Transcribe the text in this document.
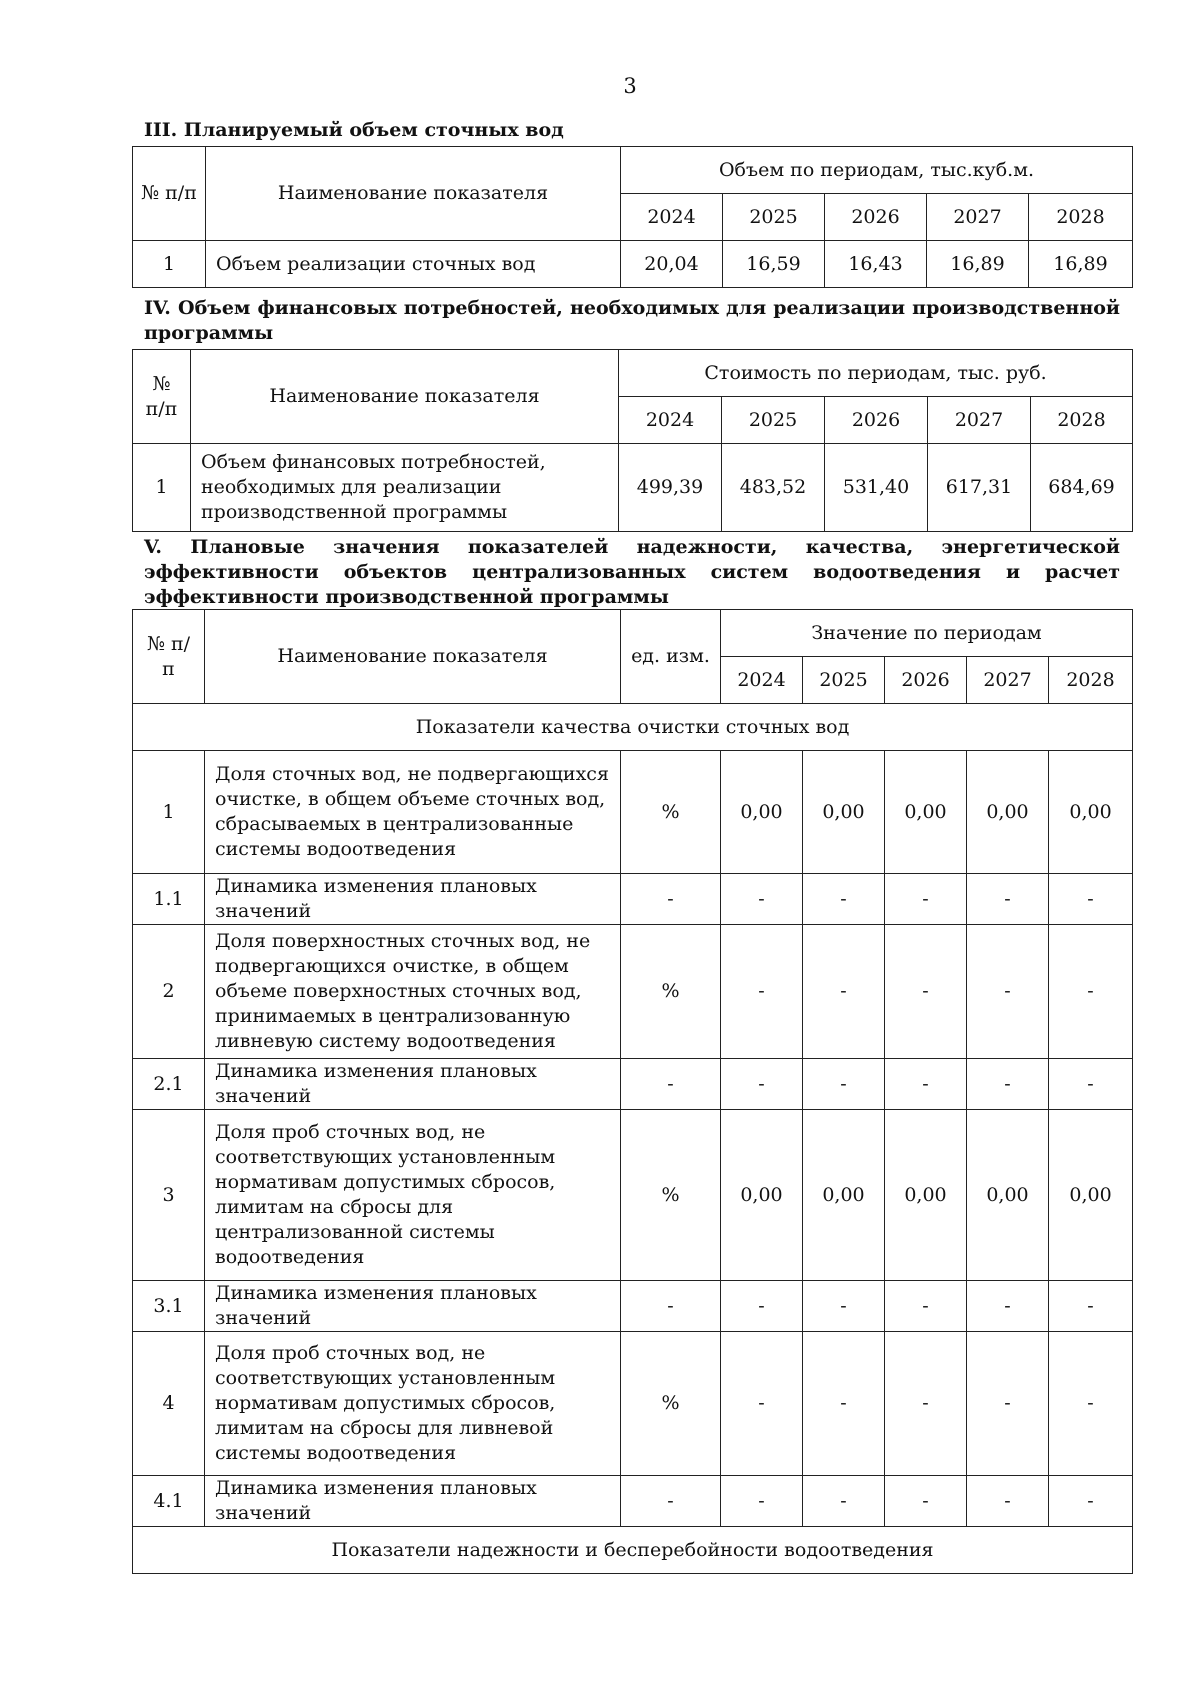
3
III. Планируемый объем сточных вод
№ п/п	Наименование показателя	Объем по периодам, тыс.куб.м.				
		2024	2025	2026	2027	2028
1	Объем реализации сточных вод	20,04	16,59	16,43	16,89	16,89
IV. Объем финансовых потребностей, необходимых для реализации производственной программы
№ п/п	Наименование показателя	Стоимость по периодам, тыс. руб.				
		2024	2025	2026	2027	2028
1	Объем финансовых потребностей, необходимых для реализации производственной программы	499,39	483,52	531,40	617,31	684,69
V. Плановые значения показателей надежности, качества, энергетической эффективности объектов централизованных систем водоотведения и расчет эффективности производственной программы
№ п/п	Наименование показателя	ед. изм.	Значение по периодам				
			2024	2025	2026	2027	2028
Показатели качества очистки сточных вод							
1	Доля сточных вод, не подвергающихся очистке, в общем объеме сточных вод, сбрасываемых в централизованные системы водоотведения	%	0,00	0,00	0,00	0,00	0,00
1.1	Динамика изменения плановых значений	-	-	-	-	-	-
2	Доля поверхностных сточных вод, не подвергающихся очистке, в общем объеме поверхностных сточных вод, принимаемых в централизованную ливневую систему водоотведения	%	-	-	-	-	-
2.1	Динамика изменения плановых значений	-	-	-	-	-	-
3	Доля проб сточных вод, не соответствующих установленным нормативам допустимых сбросов, лимитам на сбросы для централизованной системы водоотведения	%	0,00	0,00	0,00	0,00	0,00
3.1	Динамика изменения плановых значений	-	-	-	-	-	-
4	Доля проб сточных вод, не соответствующих установленным нормативам допустимых сбросов, лимитам на сбросы для ливневой системы водоотведения	%	-	-	-	-	-
4.1	Динамика изменения плановых значений	-	-	-	-	-	-
Показатели надежности и бесперебойности водоотведения							
